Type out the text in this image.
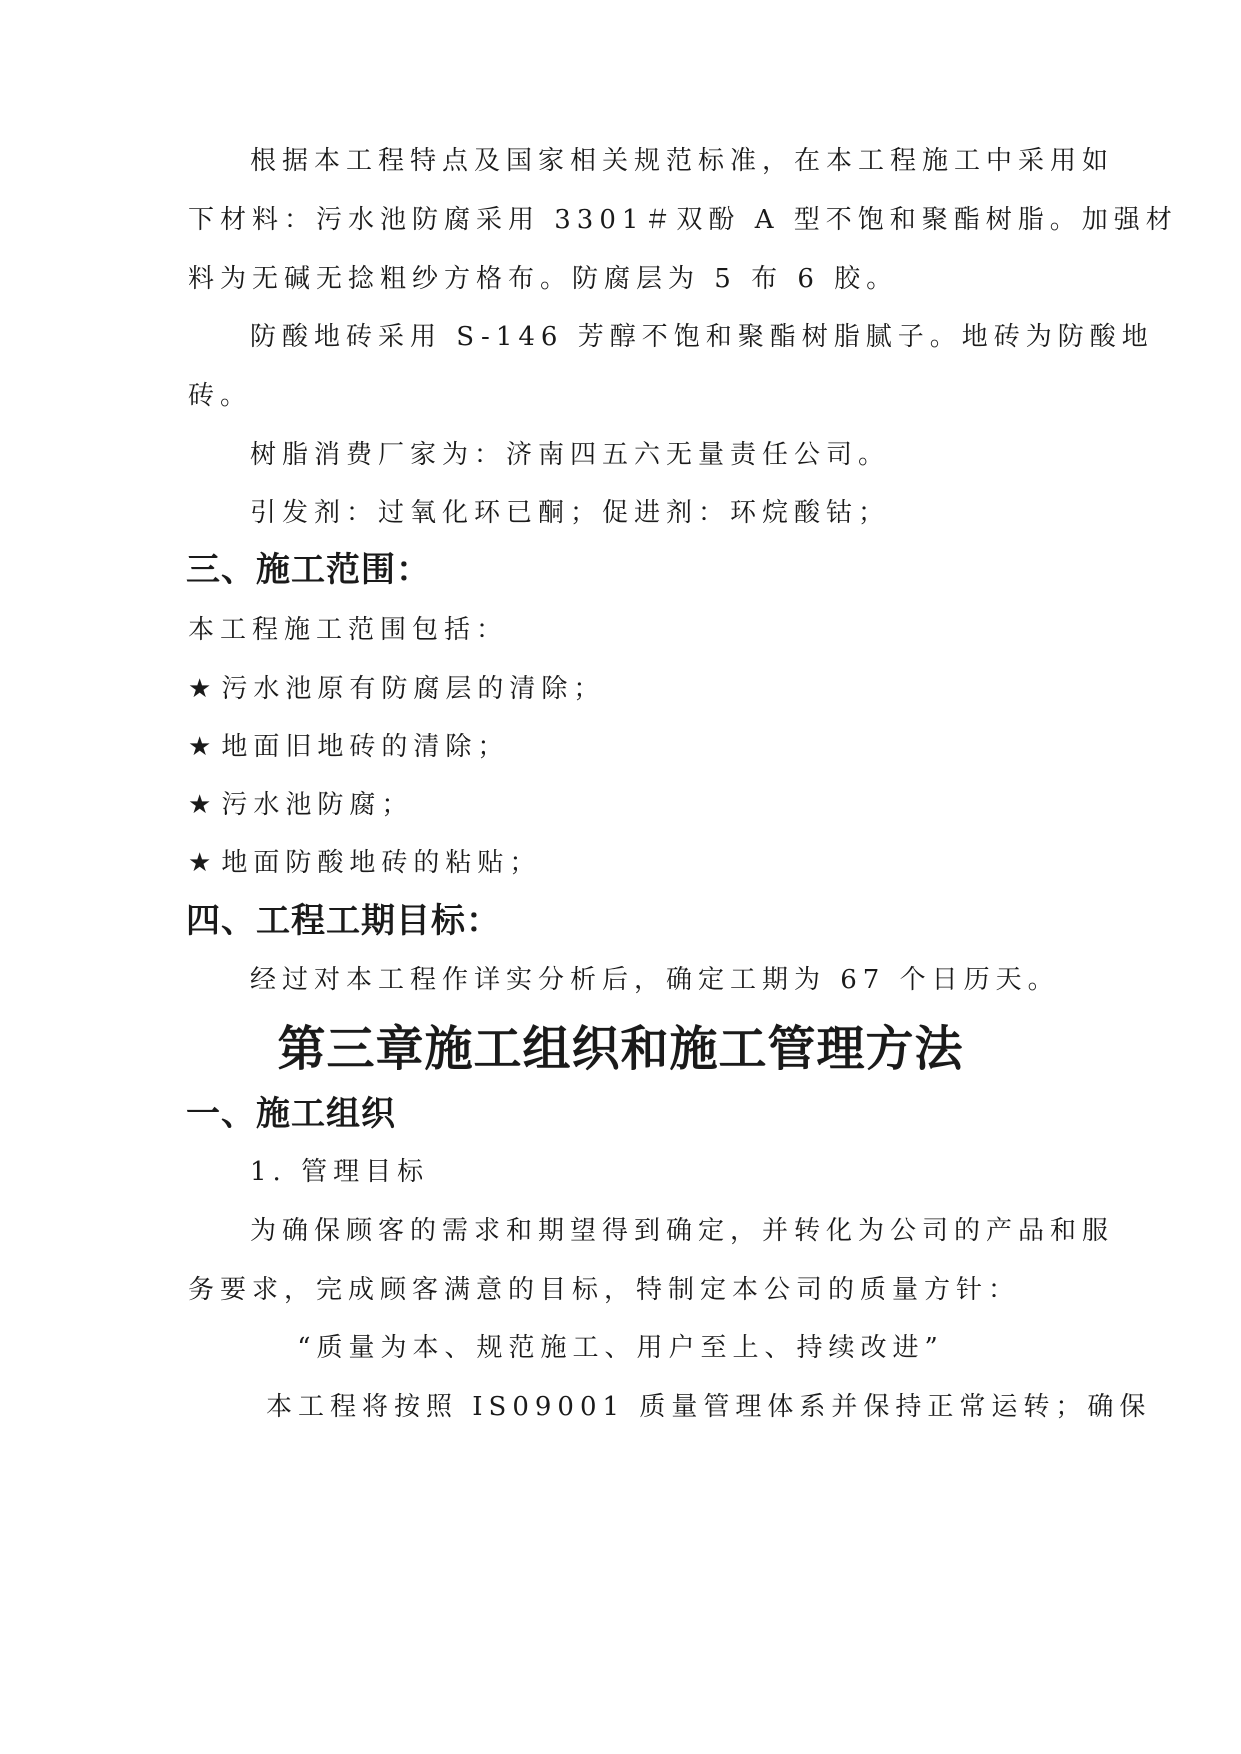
根据本工程特点及国家相关规范标准，在本工程施工中采用如
下材料：污水池防腐采用 3301＃双酚 A 型不饱和聚酯树脂。加强材
料为无碱无捻粗纱方格布。防腐层为 5 布 6 胶。
防酸地砖采用 S-146 芳醇不饱和聚酯树脂腻子。地砖为防酸地
砖。
树脂消费厂家为：济南四五六无量责任公司。
引发剂：过氧化环已酮；促进剂：环烷酸钴；
三、施工范围：
本工程施工范围包括：
★ 污水池原有防腐层的清除；
★ 地面旧地砖的清除；
★ 污水池防腐；
★ 地面防酸地砖的粘贴；
四、工程工期目标：
经过对本工程作详实分析后，确定工期为 67 个日历天。
第三章施工组织和施工管理方法
一、施工组织
1. 管理目标
为确保顾客的需求和期望得到确定，并转化为公司的产品和服
务要求，完成顾客满意的目标，特制定本公司的质量方针：
“质量为本、规范施工、用户至上、持续改进”
本工程将按照 IS09001 质量管理体系并保持正常运转；确保
